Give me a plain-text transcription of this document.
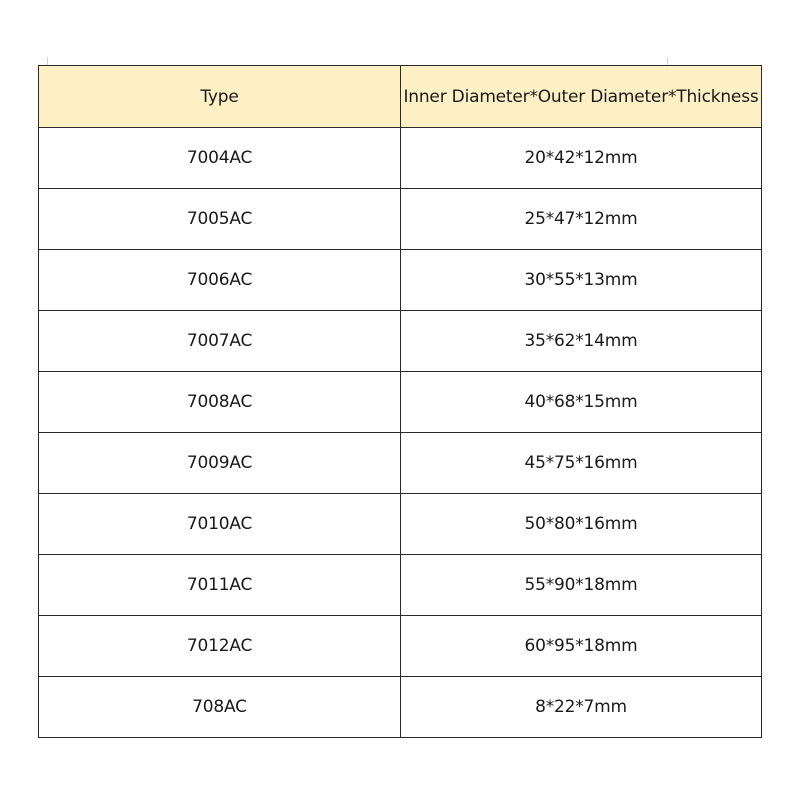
Type	Inner Diameter*Outer Diameter*Thickness
7004AC	20*42*12mm
7005AC	25*47*12mm
7006AC	30*55*13mm
7007AC	35*62*14mm
7008AC	40*68*15mm
7009AC	45*75*16mm
7010AC	50*80*16mm
7011AC	55*90*18mm
7012AC	60*95*18mm
708AC	8*22*7mm
